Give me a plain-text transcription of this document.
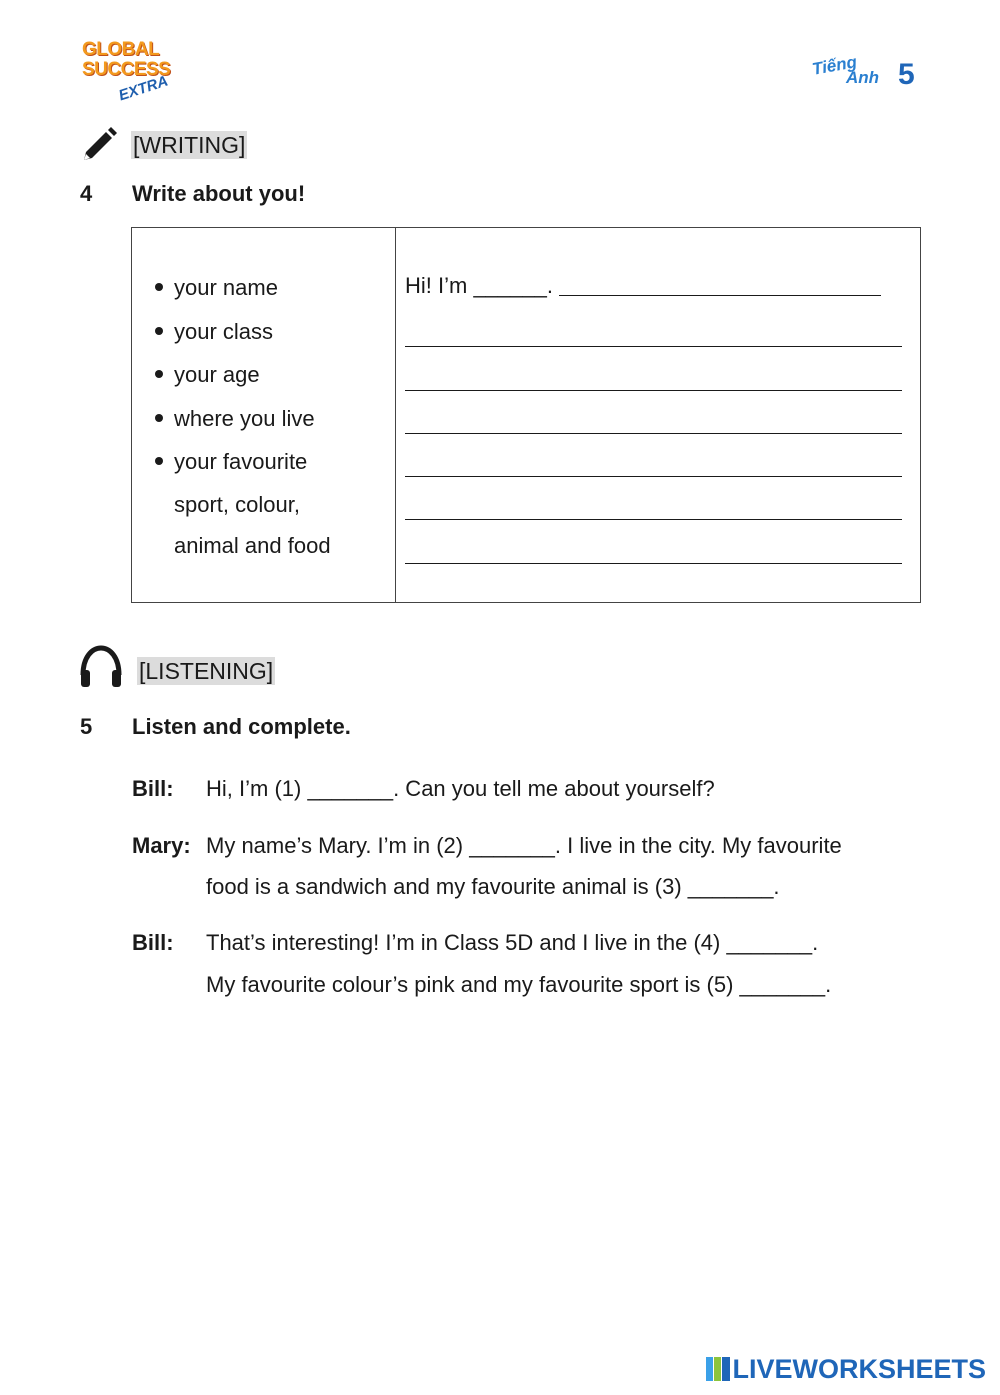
GLOBAL
SUCCESS
EXTRA
Tiếng
Anh 5
[WRITING]
4 Write about you!
your name
your class
your age
where you live
your favourite
sport, colour,
animal and food
Hi! I’m ______.
[LISTENING]
5 Listen and complete.
Bill: Hi, I’m (1) _______. Can you tell me about yourself?
Mary: My name’s Mary. I’m in (2) _______. I live in the city. My favourite
food is a sandwich and my favourite animal is (3) _______.
Bill: That’s interesting! I’m in Class 5D and I live in the (4) _______.
My favourite colour’s pink and my favourite sport is (5) _______.
LIVEWORKSHEETS
